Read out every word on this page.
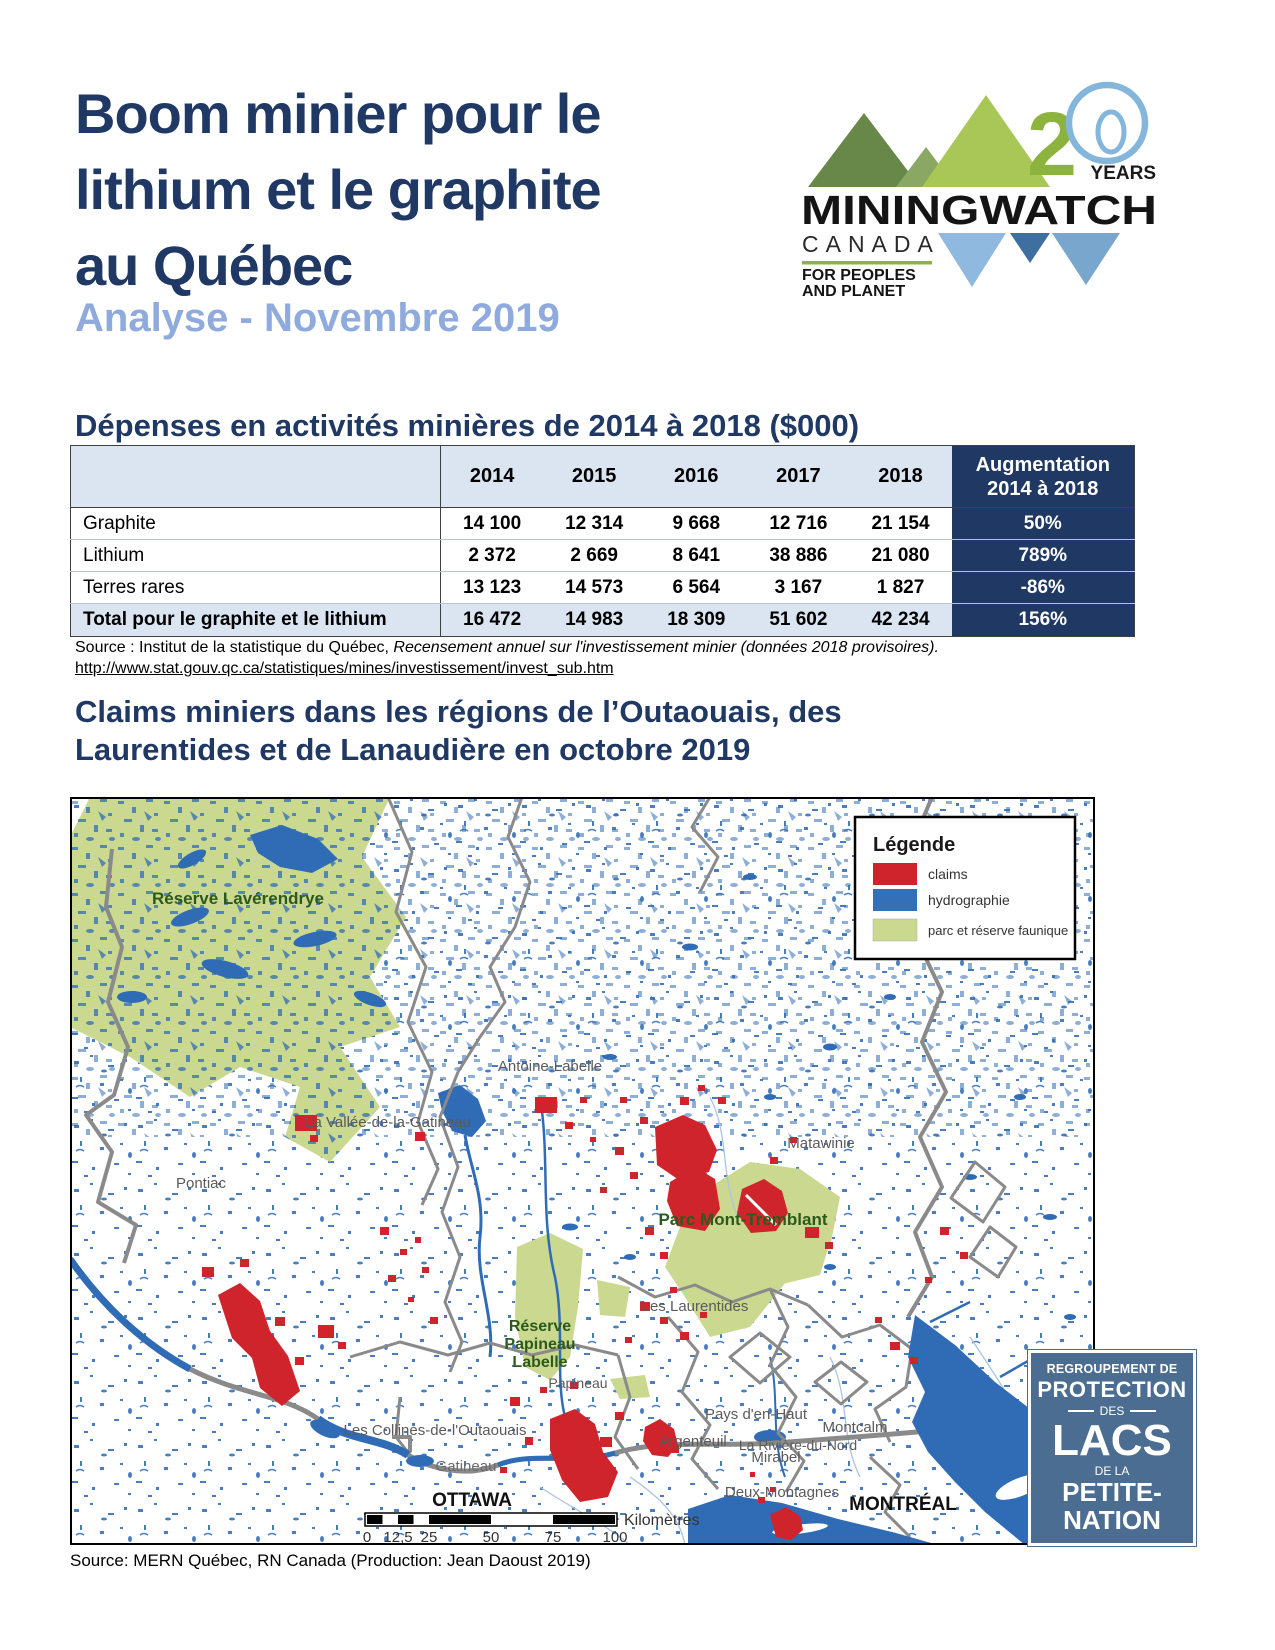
Boom minier pour le
lithium et le graphite
au Québec
Analyse - Novembre 2019
2 YEARS
MININGWATCH
CANADA
FOR PEOPLES
AND PLANET
Dépenses en activités minières de 2014 à 2018 ($000)
	2014	2015	2016	2017	2018	Augmentation
2014 à 2018

Graphite	14 100	12 314	9 668	12 716	21 154	50%
Lithium	2 372	2 669	8 641	38 886	21 080	789%
Terres rares	13 123	14 573	6 564	3 167	1 827	-86%
Total pour le graphite et le lithium	16 472	14 983	18 309	51 602	42 234	156%
Source : Institut de la statistique du Québec, Recensement annuel sur l'investissement minier (données 2018 provisoires).
http://www.stat.gouv.qc.ca/statistiques/mines/investissement/invest_sub.htm
Claims miniers dans les régions de l’Outaouais, des
Laurentides et de Lanaudière en octobre 2019
Réserve Lavérendrye
Antoine-Labelle
La Vallée-de-la-Gatineau
Pontiac
Matawinie
Parc Mont-Tremblant
Les Laurentides
Réserve
Papineau
Labelle
Papineau
Pays d'en-Haut
Montcalm
La Rivière-du-Nord
Les Collines-de-l'Outaouais
Gatineau
Argenteuil
Mirabel
Deux-Montagnes
OTTAWA	MONTRÉAL
Légende
claims
hydrographie
parc et réserve faunique
0 12,5 25	50	75	100
Kilomètres
REGROUPEMENT DE
PROTECTION
DES
LACS
DE LA
PETITE-
NATION
Source: MERN Québec, RN Canada (Production: Jean Daoust 2019)
